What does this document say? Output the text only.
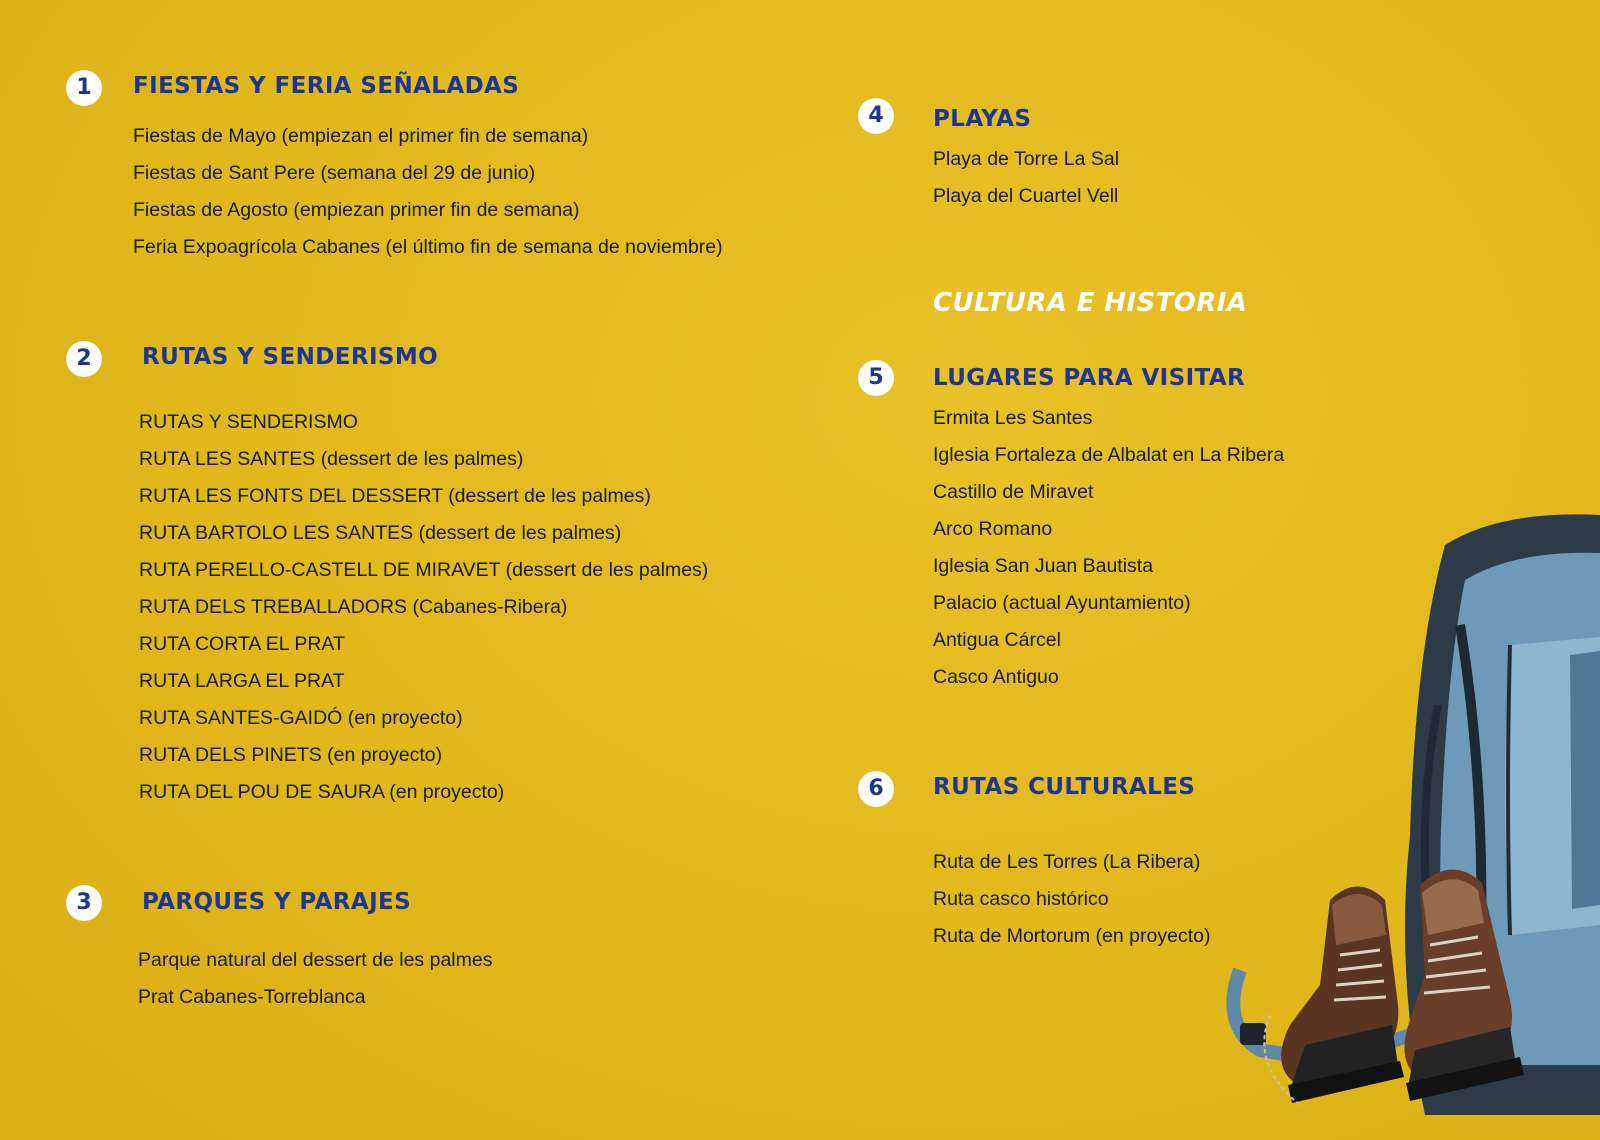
1	FIESTAS Y FERIA SEÑALADAS
Fiestas de Mayo (empiezan el primer fin de semana)
Fiestas de Sant Pere (semana del 29 de junio)
Fiestas de Agosto (empiezan primer fin de semana)
Feria Expoagrícola Cabanes (el último fin de semana de noviembre)
2	RUTAS Y SENDERISMO
RUTAS Y SENDERISMO
RUTA LES SANTES (dessert de les palmes)
RUTA LES FONTS DEL DESSERT (dessert de les palmes)
RUTA BARTOLO LES SANTES (dessert de les palmes)
RUTA PERELLO-CASTELL DE MIRAVET (dessert de les palmes)
RUTA DELS TREBALLADORS (Cabanes-Ribera)
RUTA CORTA EL PRAT
RUTA LARGA EL PRAT
RUTA SANTES-GAIDÓ (en proyecto)
RUTA DELS PINETS (en proyecto)
RUTA DEL POU DE SAURA (en proyecto)
3	PARQUES Y PARAJES
Parque natural del dessert de les palmes
Prat Cabanes-Torreblanca
4	PLAYAS
Playa de Torre La Sal
Playa del Cuartel Vell
CULTURA E HISTORIA
5	LUGARES PARA VISITAR
Ermita Les Santes
Iglesia Fortaleza de Albalat en La Ribera
Castillo de Miravet
Arco Romano
Iglesia San Juan Bautista
Palacio (actual Ayuntamiento)
Antigua Cárcel
Casco Antiguo
6	RUTAS CULTURALES
Ruta de Les Torres (La Ribera)
Ruta casco histórico
Ruta de Mortorum (en proyecto)
